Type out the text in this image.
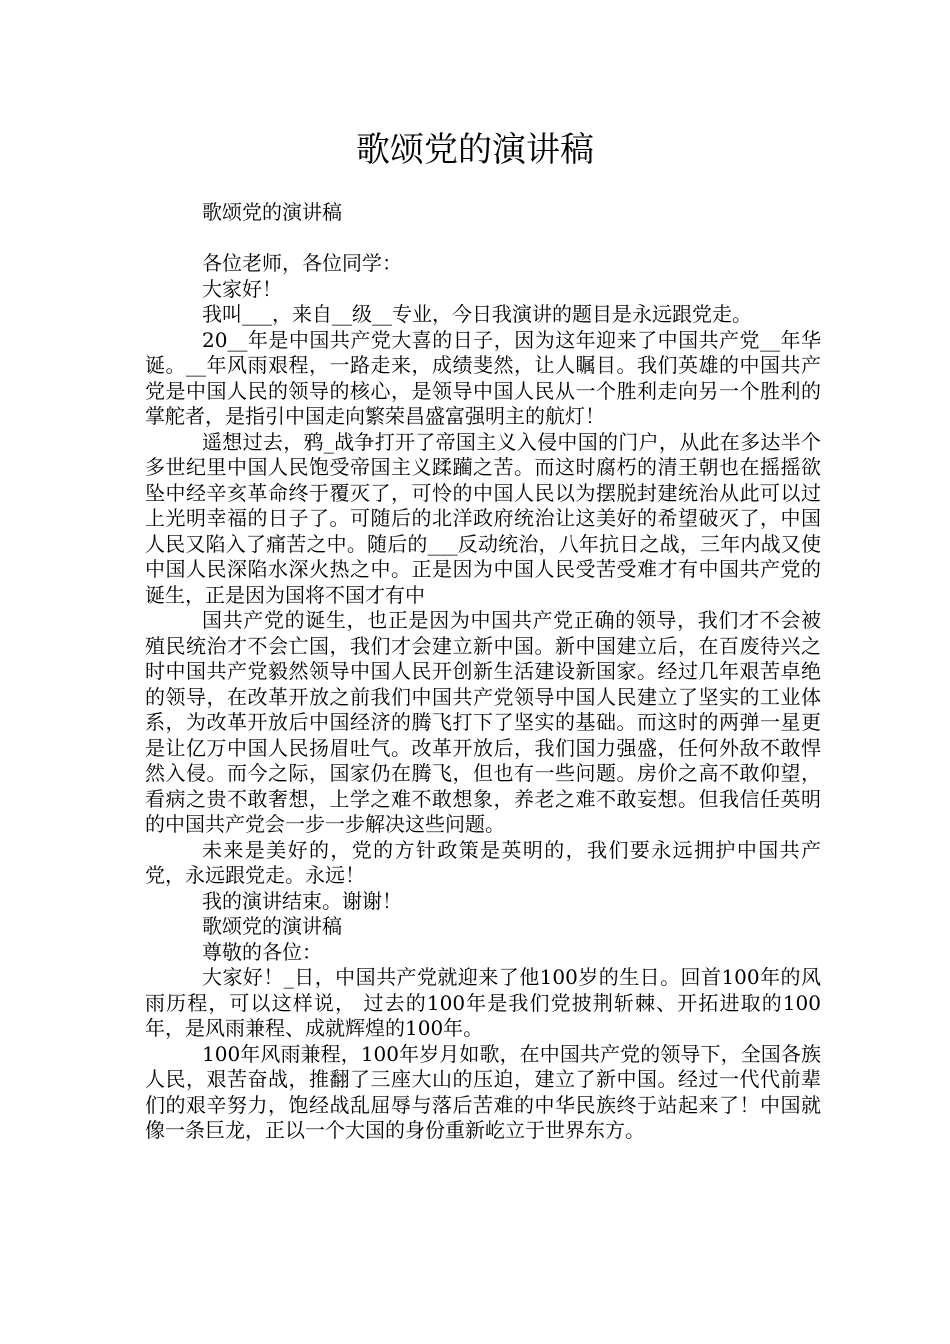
歌颂党的演讲稿

歌颂党的演讲稿

各位老师，各位同学：

大家好！

我叫___，来自__级__专业，今日我演讲的题目是永远跟党走。

20__年是中国共产党大喜的日子，因为这年迎来了中国共产党__年华诞。__年风雨艰程，一路走来，成绩斐然，让人瞩目。我们英雄的中国共产党是中国人民的领导的核心，是领导中国人民从一个胜利走向另一个胜利的掌舵者，是指引中国走向繁荣昌盛富强明主的航灯！

遥想过去，鸦_战争打开了帝国主义入侵中国的门户，从此在多达半个多世纪里中国人民饱受帝国主义蹂躏之苦。而这时腐朽的清王朝也在摇摇欲坠中经辛亥革命终于覆灭了，可怜的中国人民以为摆脱封建统治从此可以过上光明幸福的日子了。可随后的北洋政府统治让这美好的希望破灭了，中国人民又陷入了痛苦之中。随后的___反动统治，八年抗日之战，三年内战又使中国人民深陷水深火热之中。正是因为中国人民受苦受难才有中国共产党的诞生，正是因为国将不国才有中

国共产党的诞生，也正是因为中国共产党正确的领导，我们才不会被殖民统治才不会亡国，我们才会建立新中国。新中国建立后，在百废待兴之时中国共产党毅然领导中国人民开创新生活建设新国家。经过几年艰苦卓绝的领导，在改革开放之前我们中国共产党领导中国人民建立了坚实的工业体系，为改革开放后中国经济的腾飞打下了坚实的基础。而这时的两弹一星更是让亿万中国人民扬眉吐气。改革开放后，我们国力强盛，任何外敌不敢悍然入侵。而今之际，国家仍在腾飞，但也有一些问题。房价之高不敢仰望，看病之贵不敢奢想，上学之难不敢想象，养老之难不敢妄想。但我信任英明的中国共产党会一步一步解决这些问题。

未来是美好的，党的方针政策是英明的，我们要永远拥护中国共产党，永远跟党走。永远！

我的演讲结束。谢谢！

歌颂党的演讲稿

尊敬的各位：

大家好！_日，中国共产党就迎来了他100岁的生日。回首100年的风雨历程，可以这样说， 过去的100年是我们党披荆斩棘、开拓进取的100年，是风雨兼程、成就辉煌的100年。

100年风雨兼程，100年岁月如歌，在中国共产党的领导下，全国各族人民，艰苦奋战，推翻了三座大山的压迫，建立了新中国。经过一代代前辈们的艰辛努力，饱经战乱屈辱与落后苦难的中华民族终于站起来了！中国就像一条巨龙，正以一个大国的身份重新屹立于世界东方。
